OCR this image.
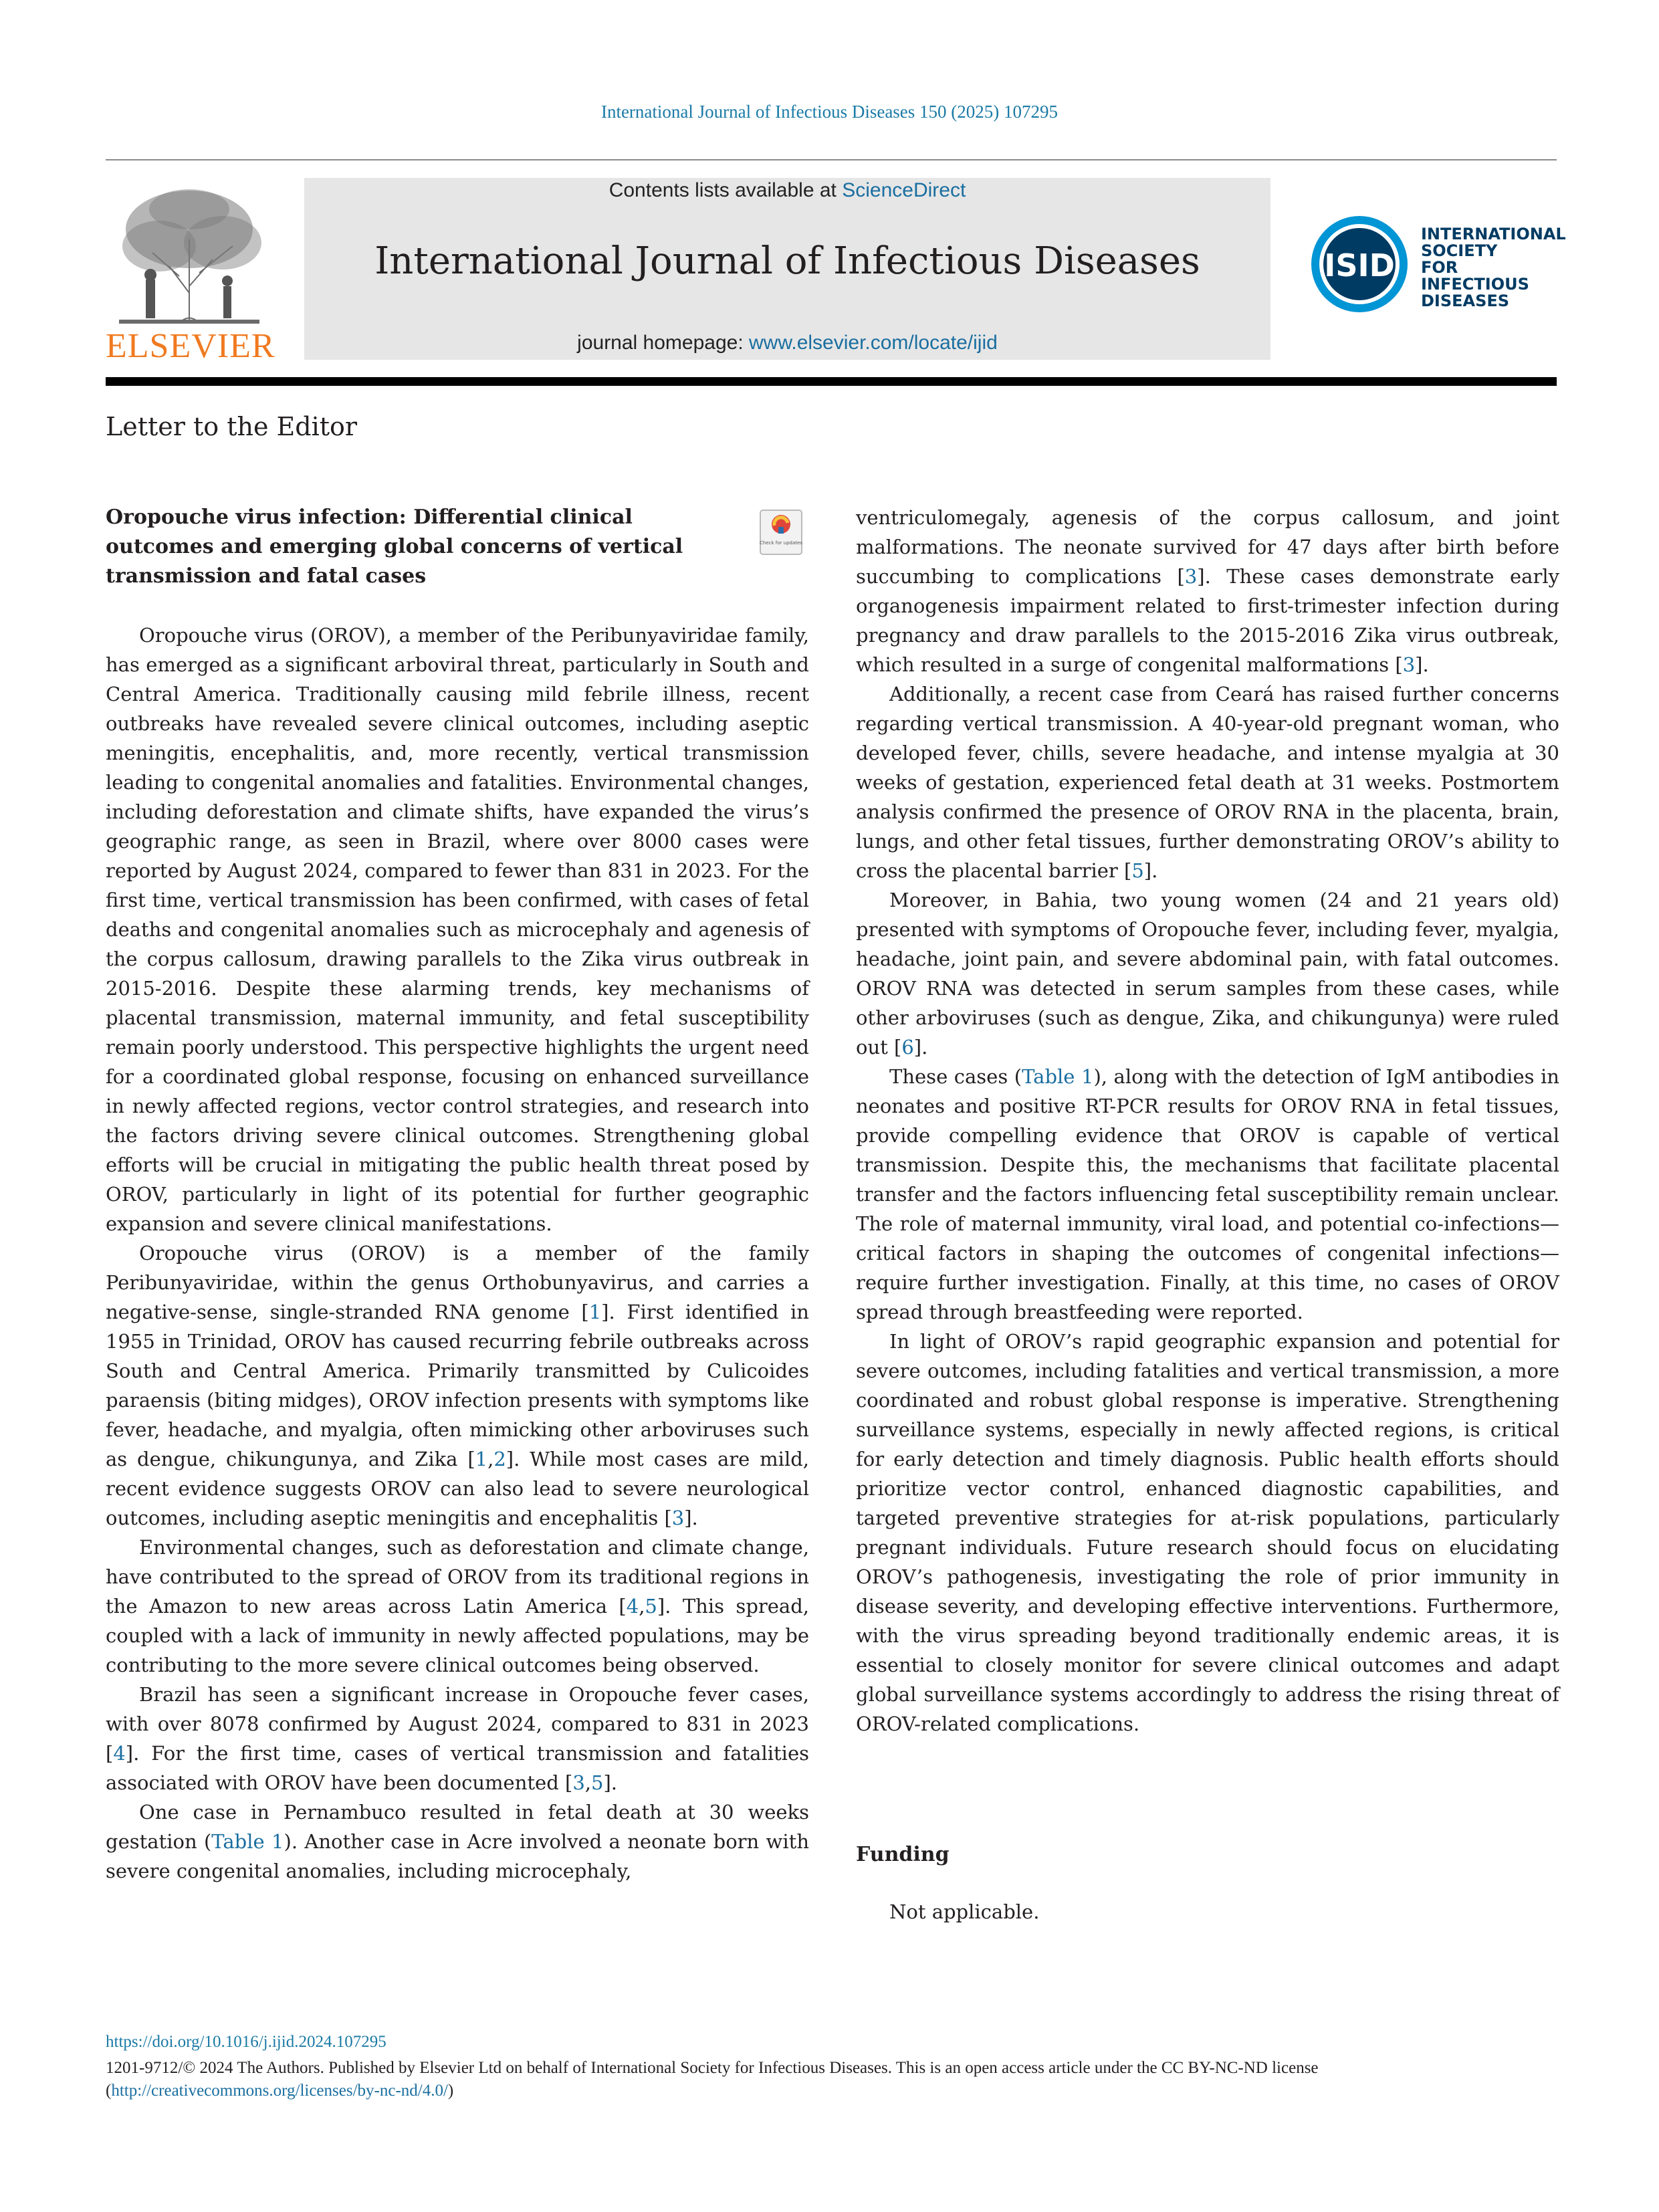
International Journal of Infectious Diseases 150 (2025) 107295
ELSEVIER
Contents lists available at ScienceDirect
International Journal of Infectious Diseases
journal homepage: www.elsevier.com/locate/ijid
ISID
INTERNATIONAL
SOCIETY
FOR INFECTIOUS
DISEASES
Letter to the Editor
Oropouche virus infection: Differential clinical outcomes and emerging global concerns of vertical transmission and fatal cases
Check for updates

Oropouche virus (OROV), a member of the Peribunyaviridae family, has emerged as a significant arboviral threat, particularly in South and Central America. Traditionally causing mild febrile illness, recent outbreaks have revealed severe clinical outcomes, including aseptic meningitis, encephalitis, and, more recently, vertical transmission leading to congenital anomalies and fatalities. Environmental changes, including deforestation and climate shifts, have expanded the virus’s geographic range, as seen in Brazil, where over 8000 cases were reported by August 2024, compared to fewer than 831 in 2023. For the first time, vertical transmission has been confirmed, with cases of fetal deaths and congenital anomalies such as microcephaly and agenesis of the corpus callosum, drawing parallels to the Zika virus outbreak in 2015-2016. Despite these alarming trends, key mechanisms of placental transmission, maternal immunity, and fetal susceptibility remain poorly understood. This perspective highlights the urgent need for a coordinated global response, focusing on enhanced surveillance in newly affected regions, vector control strategies, and research into the factors driving severe clinical outcomes. Strengthening global efforts will be crucial in mitigating the public health threat posed by OROV, particularly in light of its potential for further geographic expansion and severe clinical manifestations.

Oropouche virus (OROV) is a member of the family Peribunyaviridae, within the genus Orthobunyavirus, and carries a negative-sense, single-stranded RNA genome [1]. First identified in 1955 in Trinidad, OROV has caused recurring febrile outbreaks across South and Central America. Primarily transmitted by Culicoides paraensis (biting midges), OROV infection presents with symptoms like fever, headache, and myalgia, often mimicking other arboviruses such as dengue, chikungunya, and Zika [1,2]. While most cases are mild, recent evidence suggests OROV can also lead to severe neurological outcomes, including aseptic meningitis and encephalitis [3].

Environmental changes, such as deforestation and climate change, have contributed to the spread of OROV from its traditional regions in the Amazon to new areas across Latin America [4,5]. This spread, coupled with a lack of immunity in newly affected populations, may be contributing to the more severe clinical outcomes being observed.

Brazil has seen a significant increase in Oropouche fever cases, with over 8078 confirmed by August 2024, compared to 831 in 2023 [4]. For the first time, cases of vertical transmission and fatalities associated with OROV have been documented [3,5].

One case in Pernambuco resulted in fetal death at 30 weeks gestation (Table 1). Another case in Acre involved a neonate born with severe congenital anomalies, including microcephaly,

ventriculomegaly, agenesis of the corpus callosum, and joint malformations. The neonate survived for 47 days after birth before succumbing to complications [3]. These cases demonstrate early organogenesis impairment related to first-trimester infection during pregnancy and draw parallels to the 2015-2016 Zika virus outbreak, which resulted in a surge of congenital malformations [3].

Additionally, a recent case from Ceará has raised further concerns regarding vertical transmission. A 40-year-old pregnant woman, who developed fever, chills, severe headache, and intense myalgia at 30 weeks of gestation, experienced fetal death at 31 weeks. Postmortem analysis confirmed the presence of OROV RNA in the placenta, brain, lungs, and other fetal tissues, further demonstrating OROV’s ability to cross the placental barrier [5].

Moreover, in Bahia, two young women (24 and 21 years old) presented with symptoms of Oropouche fever, including fever, myalgia, headache, joint pain, and severe abdominal pain, with fatal outcomes. OROV RNA was detected in serum samples from these cases, while other arboviruses (such as dengue, Zika, and chikungunya) were ruled out [6].

These cases (Table 1), along with the detection of IgM antibodies in neonates and positive RT-PCR results for OROV RNA in fetal tissues, provide compelling evidence that OROV is capable of vertical transmission. Despite this, the mechanisms that facilitate placental transfer and the factors influencing fetal susceptibility remain unclear. The role of maternal immunity, viral load, and potential co-infections—critical factors in shaping the outcomes of congenital infections—require further investigation. Finally, at this time, no cases of OROV spread through breastfeeding were reported.

In light of OROV’s rapid geographic expansion and potential for severe outcomes, including fatalities and vertical transmission, a more coordinated and robust global response is imperative. Strengthening surveillance systems, especially in newly affected regions, is critical for early detection and timely diagnosis. Public health efforts should prioritize vector control, enhanced diagnostic capabilities, and targeted preventive strategies for at-risk populations, particularly pregnant individuals. Future research should focus on elucidating OROV’s pathogenesis, investigating the role of prior immunity in disease severity, and developing effective interventions. Furthermore, with the virus spreading beyond traditionally endemic areas, it is essential to closely monitor for severe clinical outcomes and adapt global surveillance systems accordingly to address the rising threat of OROV-related complications.

Funding
Not applicable.
https://doi.org/10.1016/j.ijid.2024.107295
1201-9712/© 2024 The Authors. Published by Elsevier Ltd on behalf of International Society for Infectious Diseases. This is an open access article under the CC BY-NC-ND license (http://creativecommons.org/licenses/by-nc-nd/4.0/)
